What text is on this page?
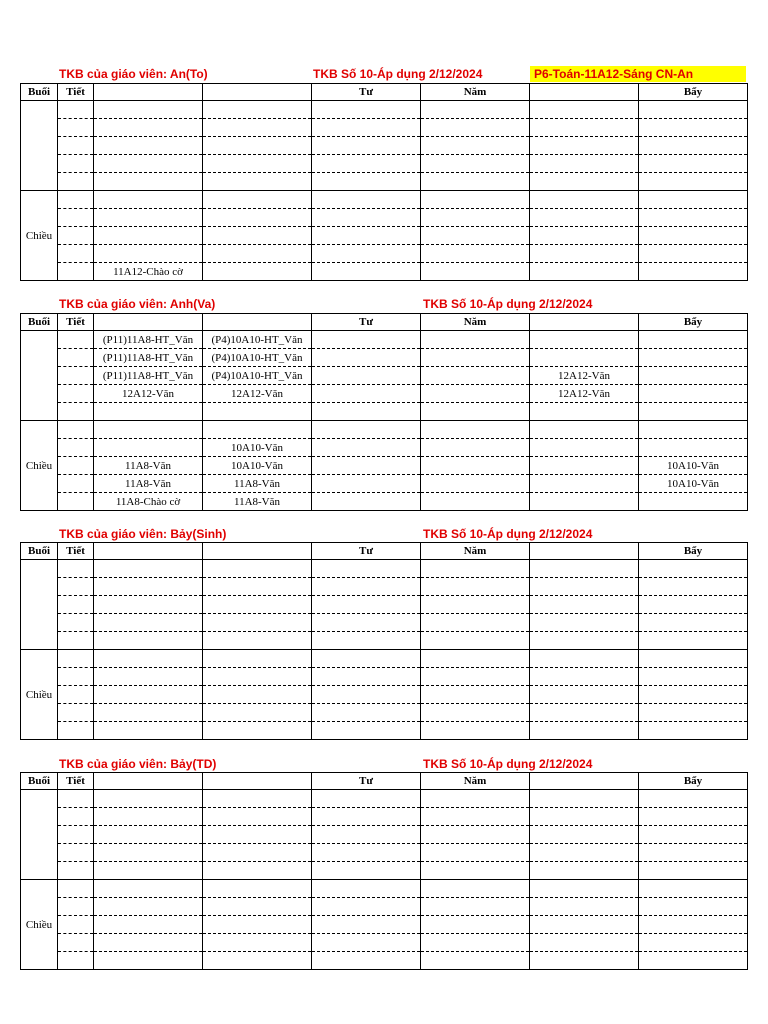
TKB của giáo viên: An(To)	TKB Số 10-Áp dụng 2/12/2024	P6-Toán-11A12-Sáng CN-An
Buổi	Tiết			Tư	Năm		Bẩy

Chiều							

		11A12-Chào cờ					
TKB của giáo viên: Anh(Va)	TKB Số 10-Áp dụng 2/12/2024
Buổi	Tiết			Tư	Năm		Bẩy
		(P11)11A8-HT_Văn	(P4)10A10-HT_Văn				
		(P11)11A8-HT_Văn	(P4)10A10-HT_Văn				
		(P11)11A8-HT_Văn	(P4)10A10-HT_Văn			12A12-Văn	
		12A12-Văn	12A12-Văn			12A12-Văn	

Chiều							
			10A10-Văn				
		11A8-Văn	10A10-Văn				10A10-Văn
		11A8-Văn	11A8-Văn				10A10-Văn
		11A8-Chào cờ	11A8-Văn				
TKB của giáo viên: Bảy(Sinh)	TKB Số 10-Áp dụng 2/12/2024
Buổi	Tiết			Tư	Năm		Bẩy

Chiều							

TKB của giáo viên: Bảy(TD)	TKB Số 10-Áp dụng 2/12/2024
Buổi	Tiết			Tư	Năm		Bẩy

Chiều							
